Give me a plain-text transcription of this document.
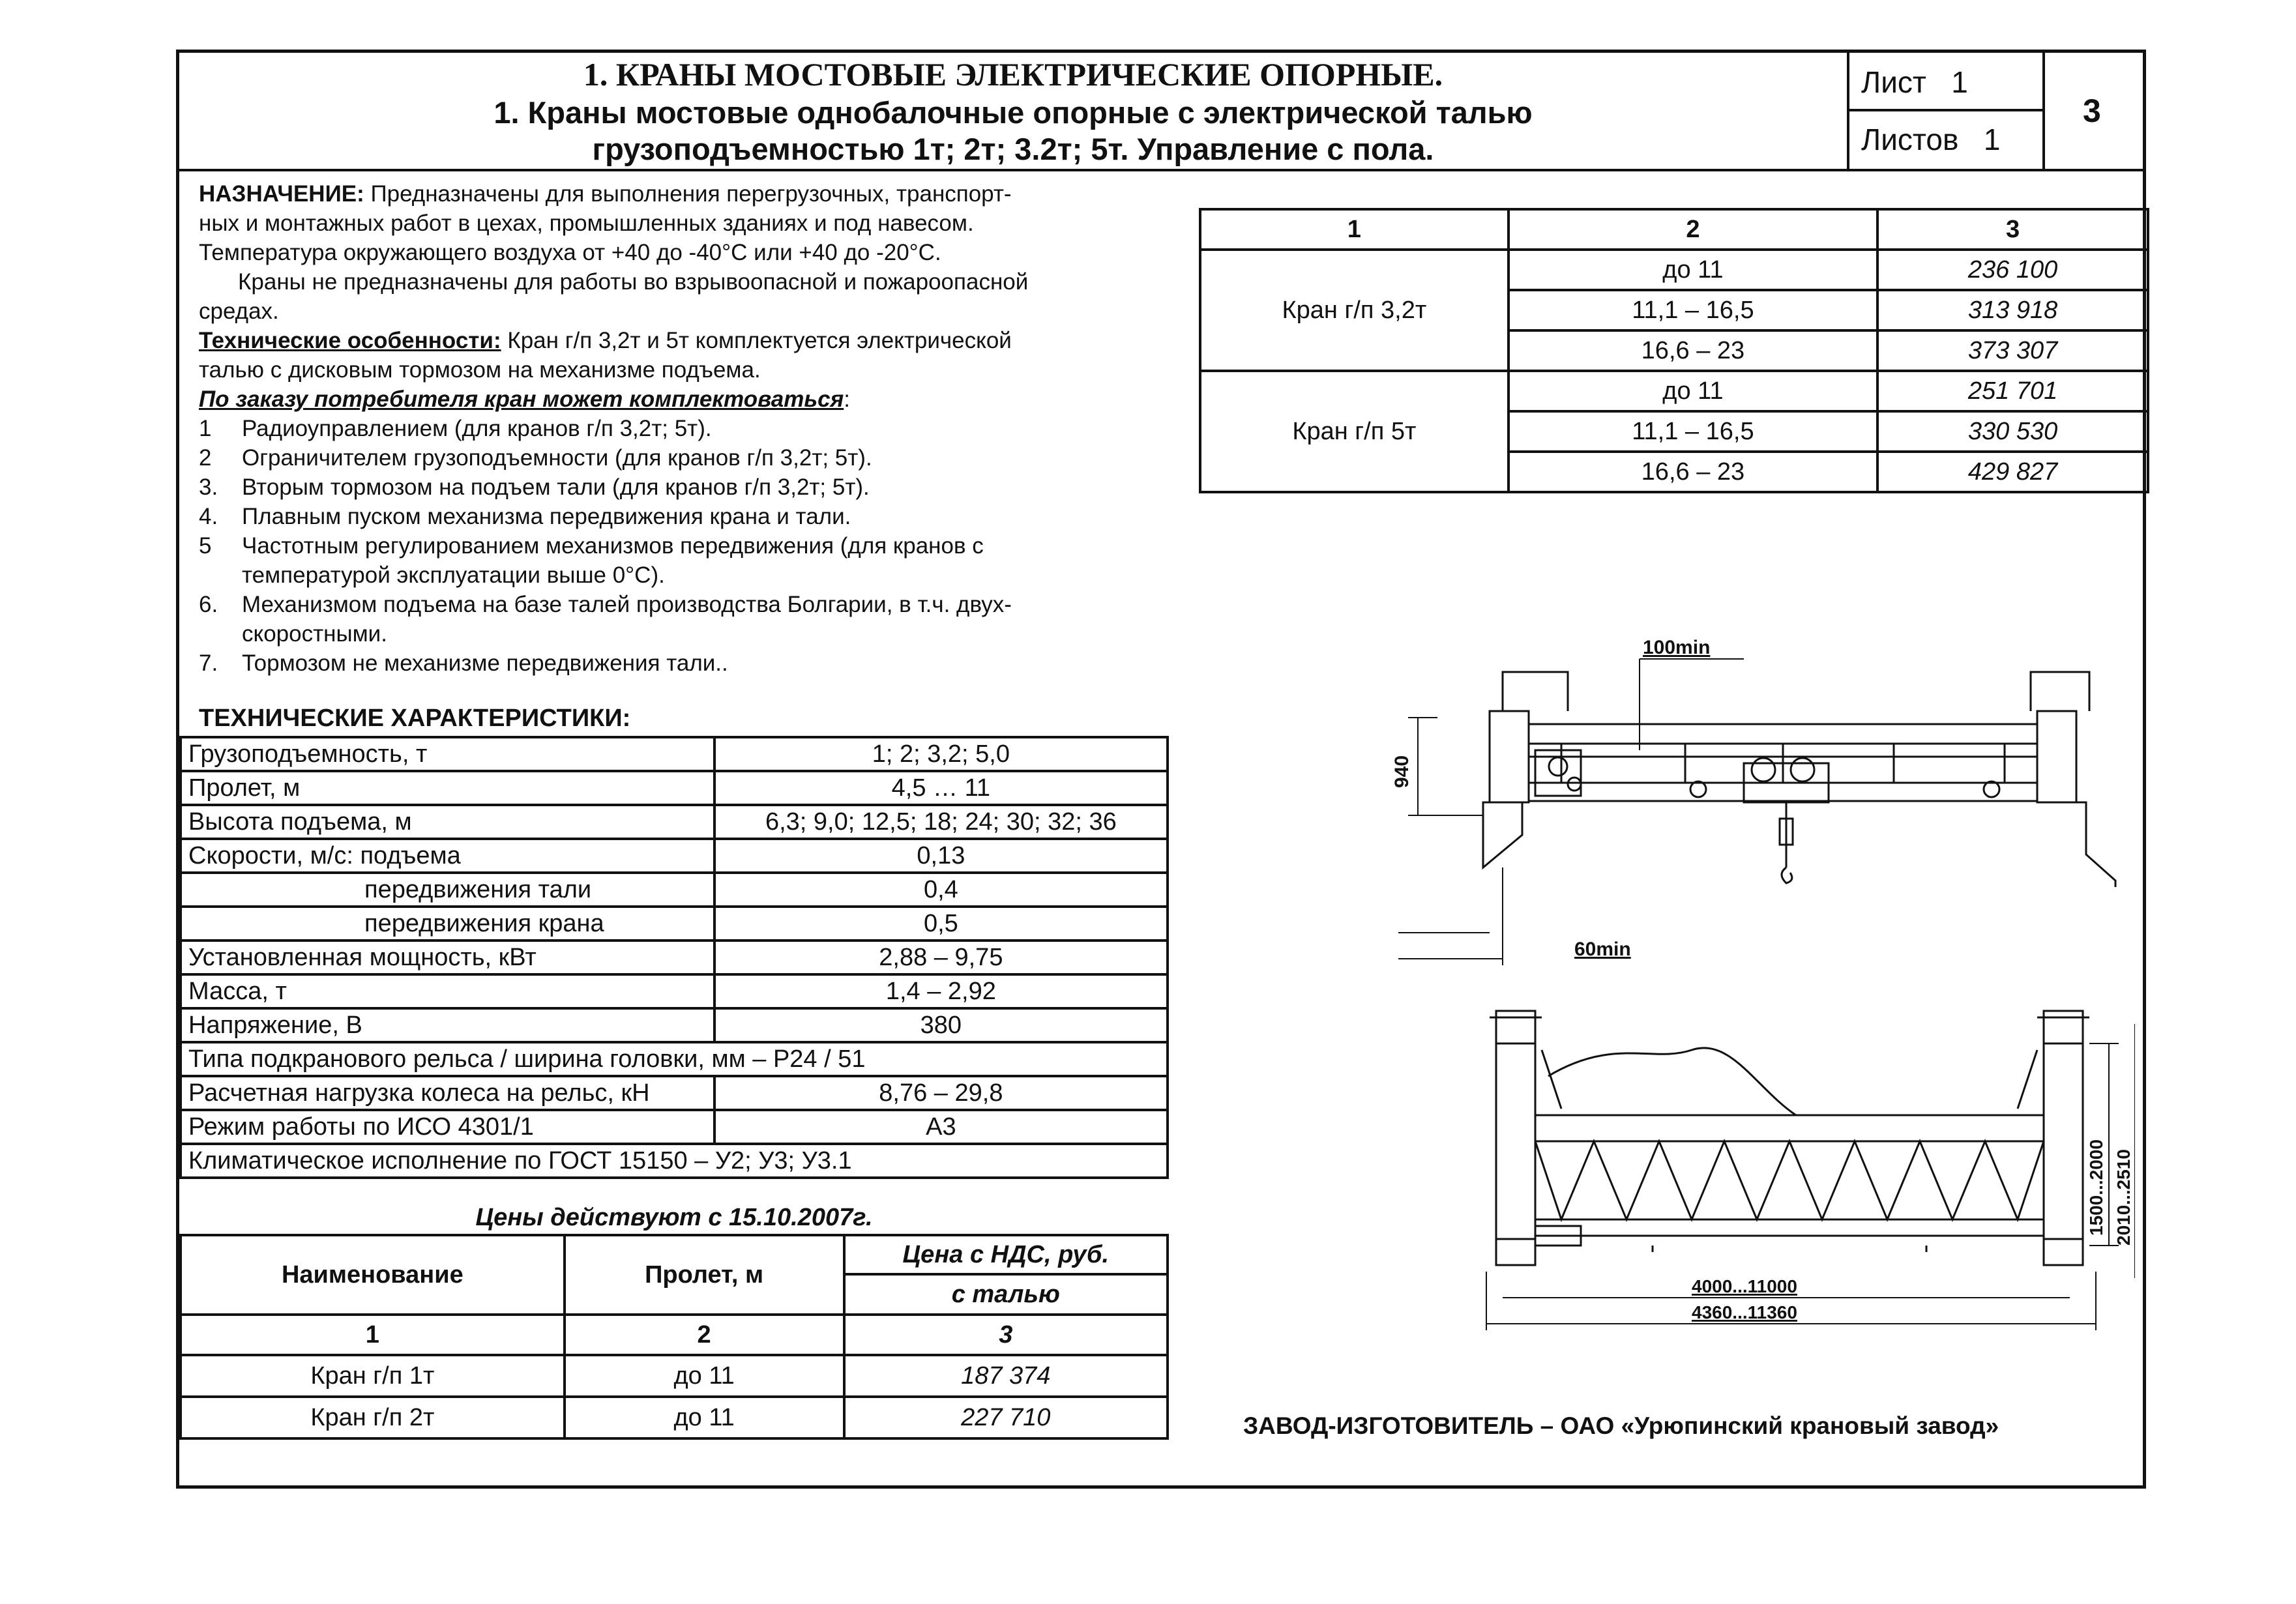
1. КРАНЫ МОСТОВЫЕ ЭЛЕКТРИЧЕСКИЕ ОПОРНЫЕ.
1. Краны мостовые однобалочные опорные с электрической талью
грузоподъемностью 1т; 2т; 3.2т; 5т. Управление с пола.
Лист 1
Листов 1
3

НАЗНАЧЕНИЕ: Предназначены для выполнения перегрузочных, транспорт-

ных и монтажных работ в цехах, промышленных зданиях и под навесом.

Температура окружающего воздуха от +40 до -40°С или +40 до -20°С.

Краны не предназначены для работы во взрывоопасной и пожароопасной

средах.

Технические особенности: Кран г/п 3,2т и 5т комплектуется электрической

талью с дисковым тормозом на механизме подъема.

По заказу потребителя кран может комплектоваться:

1 Радиоуправлением (для кранов г/п 3,2т; 5т).

2 Ограничителем грузоподъемности (для кранов г/п 3,2т; 5т).

3. Вторым тормозом на подъем тали (для кранов г/п 3,2т; 5т).

4. Плавным пуском механизма передвижения крана и тали.

5 Частотным регулированием механизмов передвижения (для кранов с

температурой эксплуатации выше 0°С).

6. Механизмом подъема на базе талей производства Болгарии, в т.ч. двух-

скоростными.

7. Тормозом не механизме передвижения тали..

ТЕХНИЧЕСКИЕ ХАРАКТЕРИСТИКИ:
Грузоподъемность, т	1; 2; 3,2; 5,0
Пролет, м	4,5 … 11
Высота подъема, м	6,3; 9,0; 12,5; 18; 24; 30; 32; 36
Скорости, м/с: подъема	0,13
передвижения тали	0,4
передвижения крана	0,5
Установленная мощность, кВт	2,88 – 9,75
Масса, т	1,4 – 2,92
Напряжение, В	380
Типа подкранового рельса / ширина головки, мм – Р24 / 51	
Расчетная нагрузка колеса на рельс, кН	8,76 – 29,8
Режим работы по ИСО 4301/1	А3
Климатическое исполнение по ГОСТ 15150 – У2; У3; У3.1	
Цены действуют с 15.10.2007г.
Наименование	Пролет, м	Цена с НДС, руб.
		с талью
1	2	3
Кран г/п 1т	до 11	187 374
Кран г/п 2т	до 11	227 710
1	2	3
Кран г/п 3,2т	до 11	236 100
	11,1 – 16,5	313 918
	16,6 – 23	373 307
Кран г/п 5т	до 11	251 701
	11,1 – 16,5	330 530
	16,6 – 23	429 827
940
100min
60min
1500...2000 2010...2510
4000...11000
4360...11360
ЗАВОД-ИЗГОТОВИТЕЛЬ – ОАО «Урюпинский крановый завод»
